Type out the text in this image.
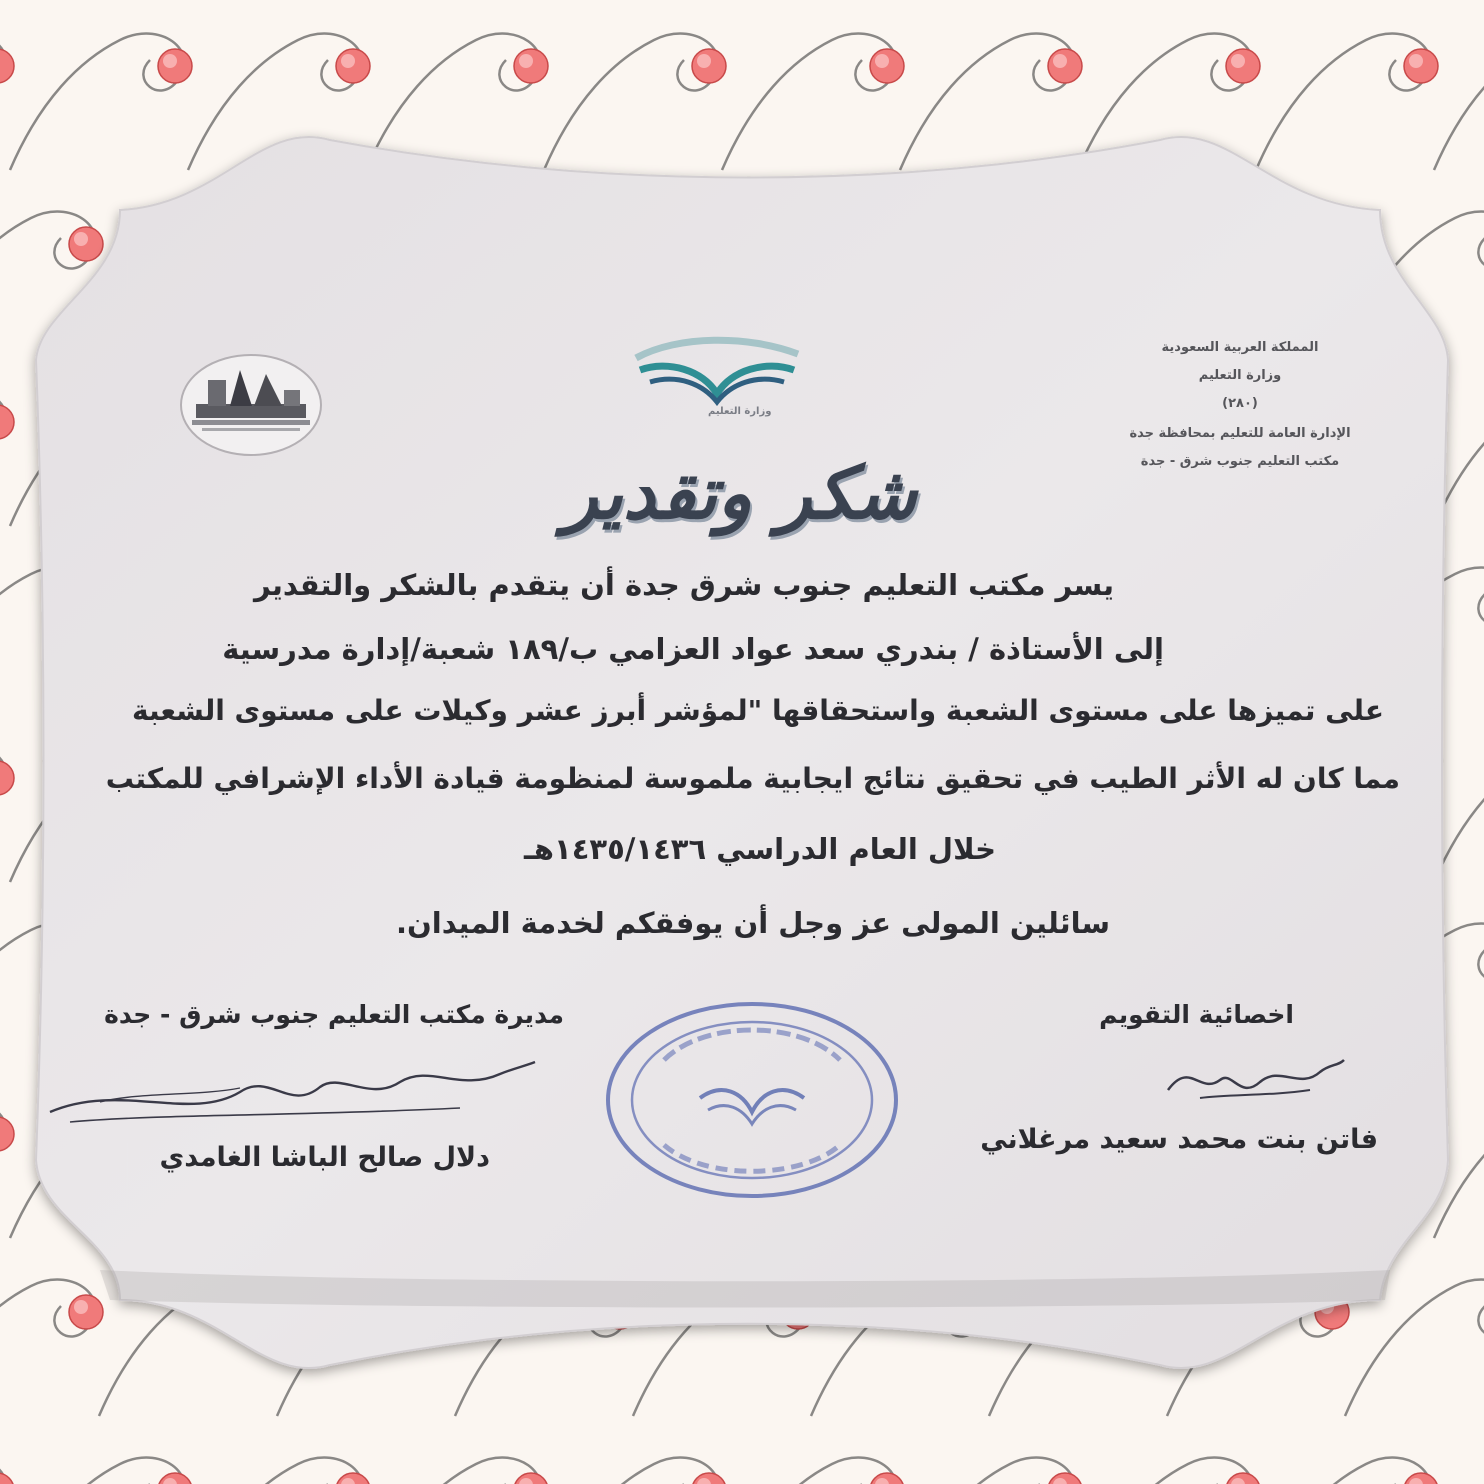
وزارة التعليم
المملكة العربية السعودية
وزارة التعليم
(٢٨٠)
الإدارة العامة للتعليم بمحافظة جدة
مكتب التعليم جنوب شرق - جدة
شكر وتقدير
يسر مكتب التعليم جنوب شرق جدة أن يتقدم بالشكر والتقدير
إلى الأستاذة / بندري سعد عواد العزامي ب/١٨٩ شعبة/إدارة مدرسية
على تميزها على مستوى الشعبة واستحقاقها "لمؤشر أبرز عشر وكيلات على مستوى الشعبة
مما كان له الأثر الطيب في تحقيق نتائج ايجابية ملموسة لمنظومة قيادة الأداء الإشرافي للمكتب
خلال العام الدراسي ١٤٣٥/١٤٣٦هـ
سائلين المولى عز وجل أن يوفقكم لخدمة الميدان.
اخصائية التقويم
فاتن بنت محمد سعيد مرغلاني
مديرة مكتب التعليم جنوب شرق - جدة
دلال صالح الباشا الغامدي
